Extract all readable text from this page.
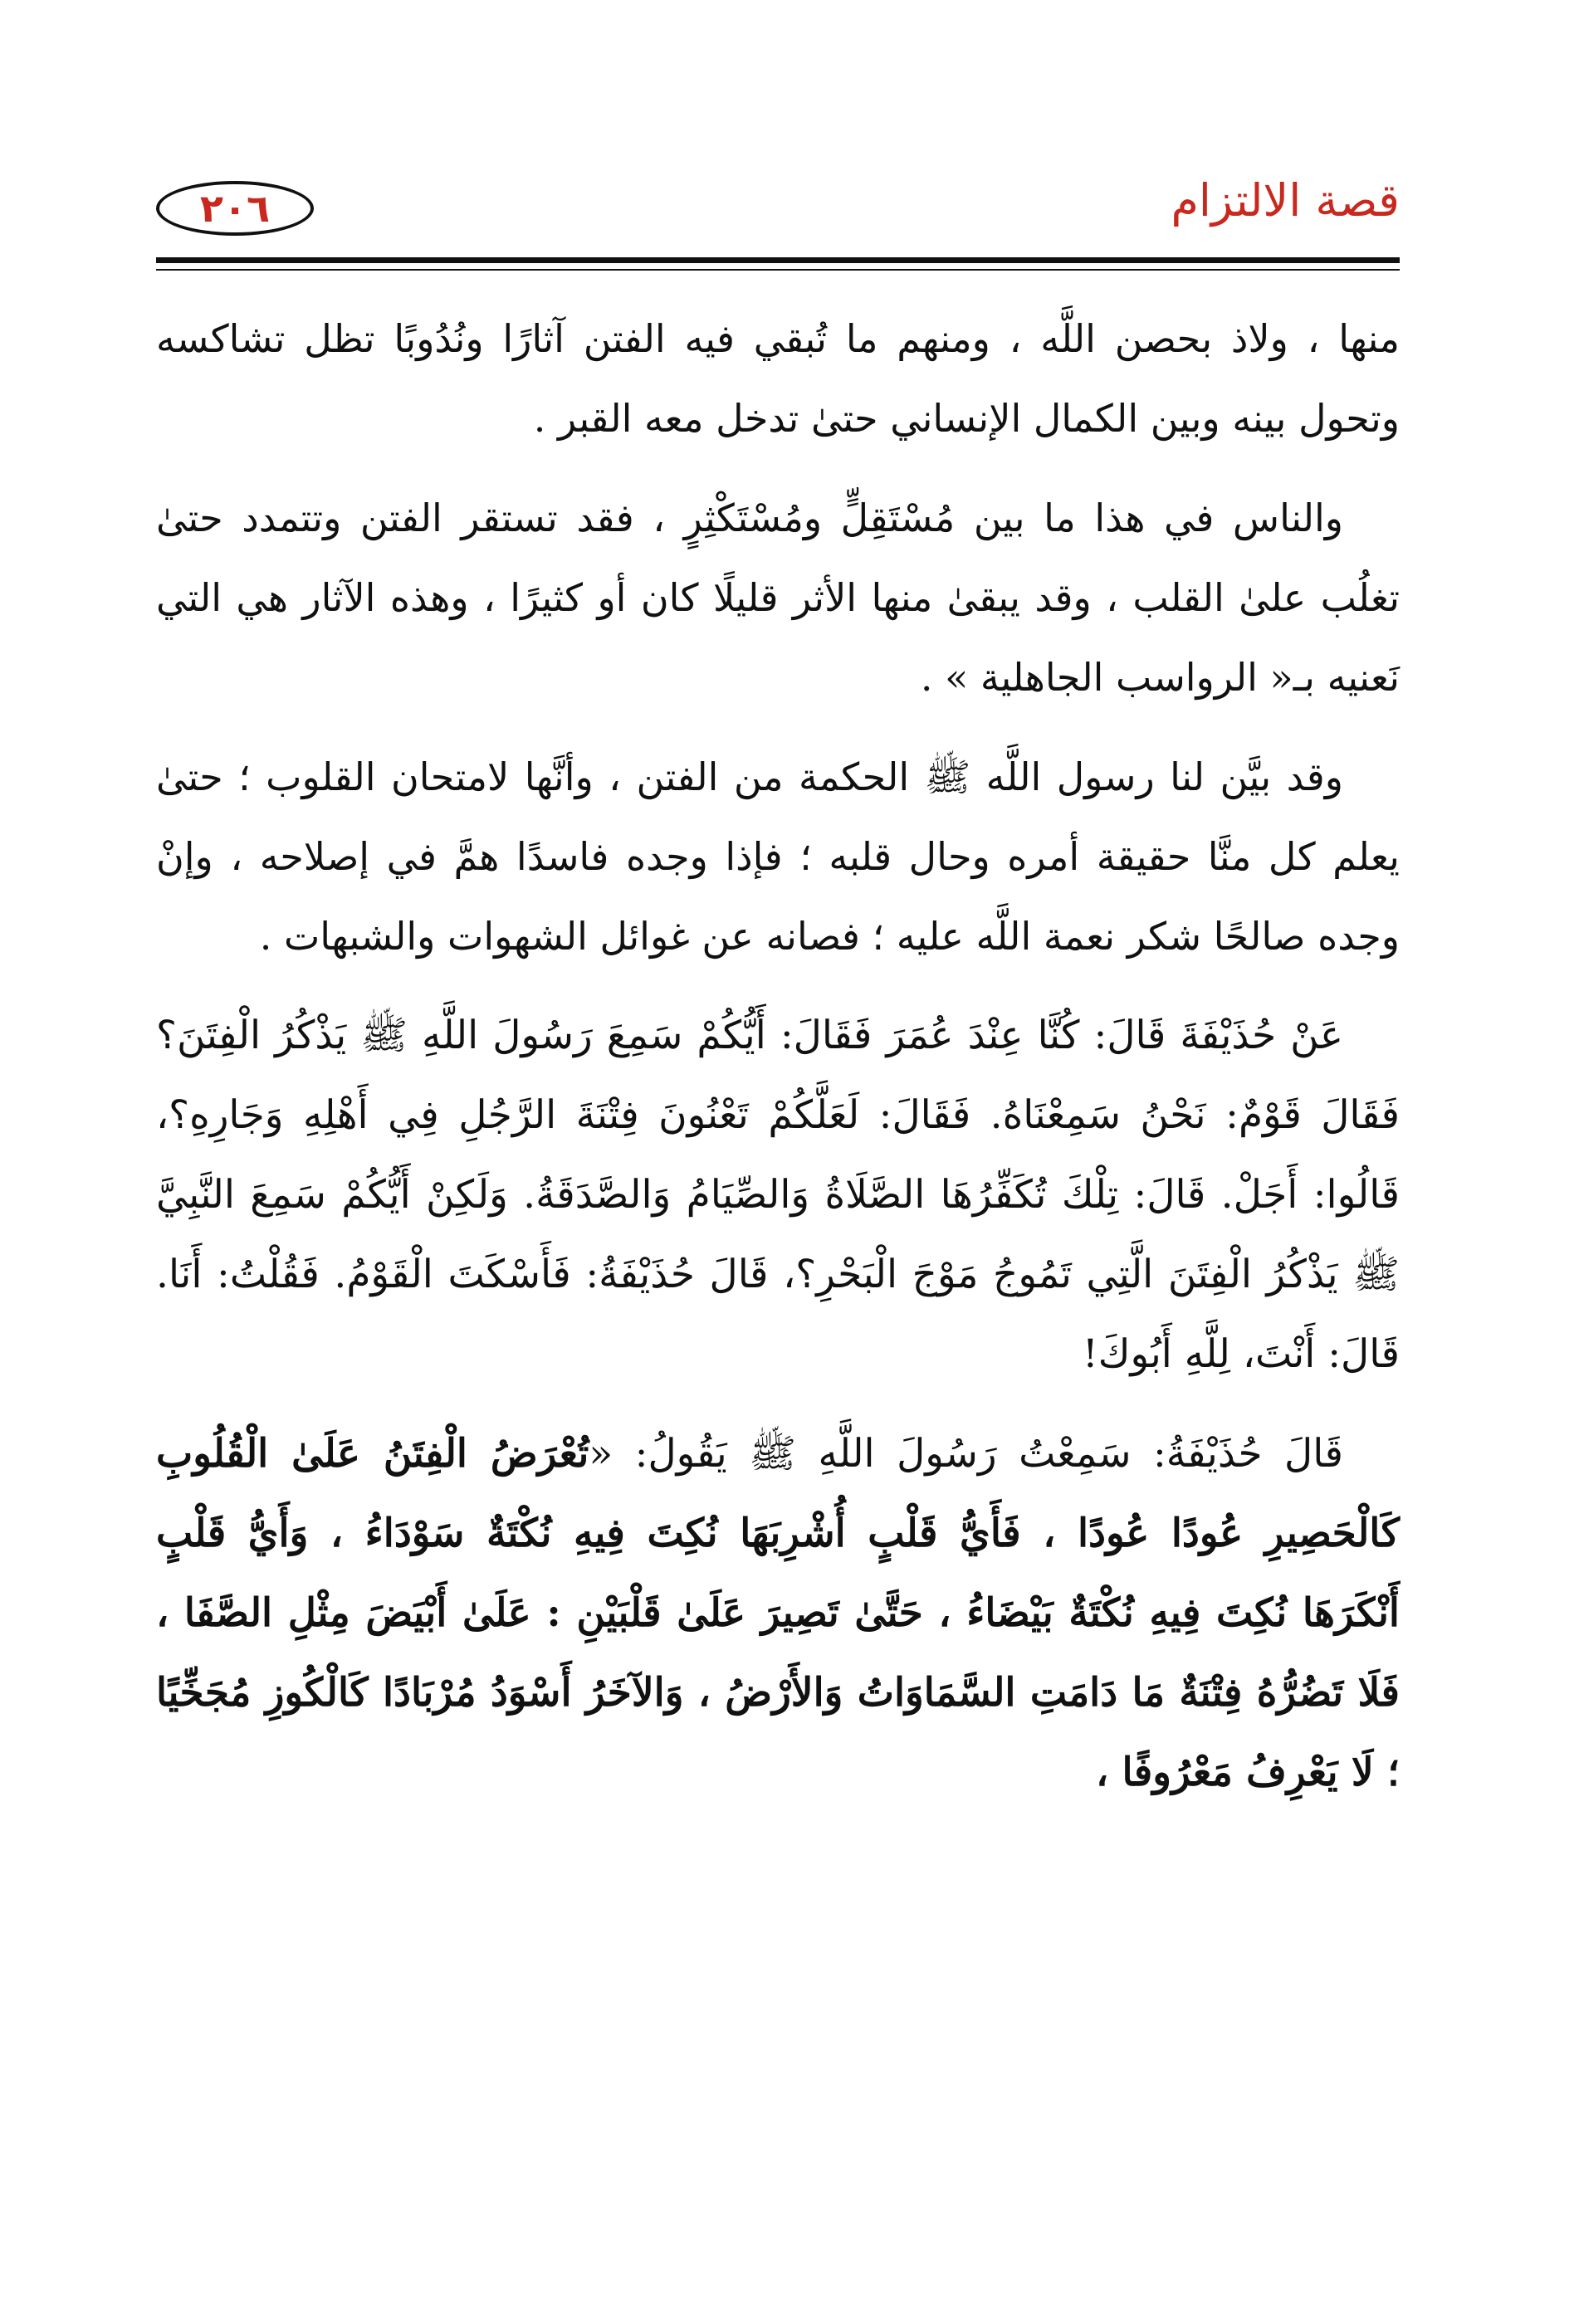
٢٠٦	قصة الالتزام

منها ، ولاذ بحصن اللَّه ، ومنهم ما تُبقي فيه الفتن آثارًا ونُدُوبًا تظل تشاكسه وتحول بينه وبين الكمال الإنساني حتىٰ تدخل معه القبر .

والناس في هذا ما بين مُسْتَقِلٍّ ومُسْتَكْثِرٍ ، فقد تستقر الفتن وتتمدد حتىٰ تغلُب علىٰ القلب ، وقد يبقىٰ منها الأثر قليلًا كان أو كثيرًا ، وهذه الآثار هي التي نَعنيه بـ« الرواسب الجاهلية » .

وقد بيَّن لنا رسول اللَّه ﷺ الحكمة من الفتن ، وأنَّها لامتحان القلوب ؛ حتىٰ يعلم كل منَّا حقيقة أمره وحال قلبه ؛ فإذا وجده فاسدًا همَّ في إصلاحه ، وإنْ وجده صالحًا شكر نعمة اللَّه عليه ؛ فصانه عن غوائل الشهوات والشبهات .

عَنْ حُذَيْفَةَ قَالَ: كُنَّا عِنْدَ عُمَرَ فَقَالَ: أَيُّكُمْ سَمِعَ رَسُولَ اللَّهِ ﷺ يَذْكُرُ الْفِتَنَ؟ فَقَالَ قَوْمٌ: نَحْنُ سَمِعْنَاهُ. فَقَالَ: لَعَلَّكُمْ تَعْنُونَ فِتْنَةَ الرَّجُلِ فِي أَهْلِهِ وَجَارِهِ؟، قَالُوا: أَجَلْ. قَالَ: تِلْكَ تُكَفِّرُهَا الصَّلَاةُ وَالصِّيَامُ وَالصَّدَقَةُ. وَلَكِنْ أَيُّكُمْ سَمِعَ النَّبِيَّ ﷺ يَذْكُرُ الْفِتَنَ الَّتِي تَمُوجُ مَوْجَ الْبَحْرِ؟، قَالَ حُذَيْفَةُ: فَأَسْكَتَ الْقَوْمُ. فَقُلْتُ: أَنَا. قَالَ: أَنْتَ، لِلَّهِ أَبُوكَ!

قَالَ حُذَيْفَةُ: سَمِعْتُ رَسُولَ اللَّهِ ﷺ يَقُولُ: «تُعْرَضُ الْفِتَنُ عَلَىٰ الْقُلُوبِ كَالْحَصِيرِ عُودًا عُودًا ، فَأَيُّ قَلْبٍ أُشْرِبَهَا نُكِتَ فِيهِ نُكْتَةٌ سَوْدَاءُ ، وَأَيُّ قَلْبٍ أَنْكَرَهَا نُكِتَ فِيهِ نُكْتَةٌ بَيْضَاءُ ، حَتَّىٰ تَصِيرَ عَلَىٰ قَلْبَيْنِ : عَلَىٰ أَبْيَضَ مِثْلِ الصَّفَا ، فَلَا تَضُرُّهُ فِتْنَةٌ مَا دَامَتِ السَّمَاوَاتُ وَالأَرْضُ ، وَالآخَرُ أَسْوَدُ مُرْبَادًا كَالْكُوزِ مُجَخِّيًا ؛ لَا يَعْرِفُ مَعْرُوفًا ،
